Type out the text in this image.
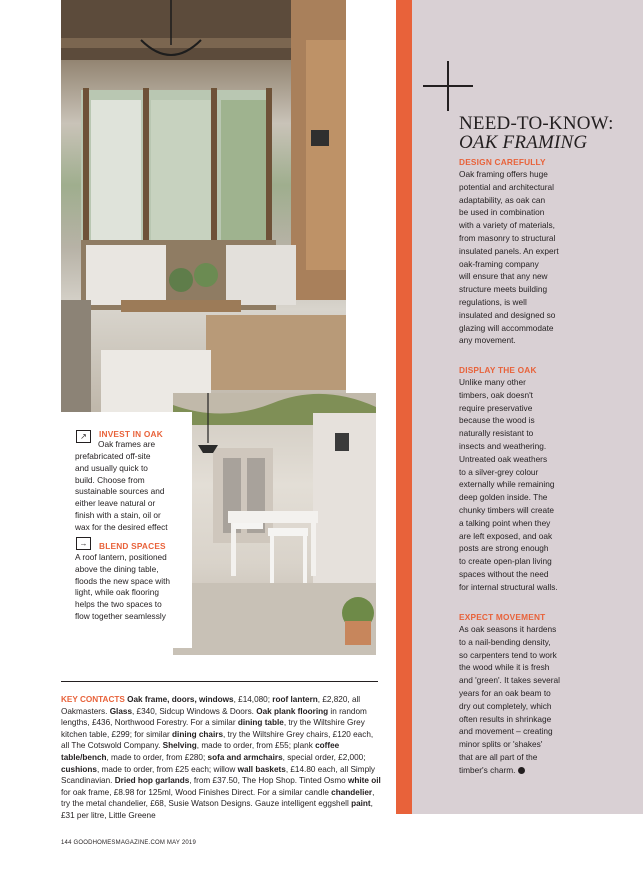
NEED-TO-KNOW:

OAK FRAMING
DESIGN CAREFULLY
Oak framing offers huge
potential and architectural
adaptability, as oak can
be used in combination
with a variety of materials,
from masonry to structural
insulated panels. An expert
oak-framing company
will ensure that any new
structure meets building
regulations, is well
insulated and designed so
glazing will accommodate
any movement.
DISPLAY THE OAK
Unlike many other
timbers, oak doesn't
require preservative
because the wood is
naturally resistant to
insects and weathering.
Untreated oak weathers
to a silver-grey colour
externally while remaining
deep golden inside. The
chunky timbers will create
a talking point when they
are left exposed, and oak
posts are strong enough
to create open-plan living
spaces without the need
for internal structural walls.
EXPECT MOVEMENT
As oak seasons it hardens
to a nail-bending density,
so carpenters tend to work
the wood while it is fresh
and 'green'. It takes several
years for an oak beam to
dry out completely, which
often results in shrinkage
and movement – creating
minor splits or 'shakes'
that are all part of the
timber's charm.
↗	INVEST IN OAK
Oak frames are
prefabricated off-site
and usually quick to
build. Choose from
sustainable sources and
either leave natural or
finish with a stain, oil or
wax for the desired effect
→	BLEND SPACES
A roof lantern, positioned
above the dining table,
floods the new space with
light, while oak flooring
helps the two spaces to
flow together seamlessly
KEY CONTACTS Oak frame, doors, windows, £14,080; roof lantern, £2,820, all Oakmasters. Glass, £340, Sidcup Windows & Doors. Oak plank flooring in random lengths, £436, Northwood Forestry. For a similar dining table, try the Wiltshire Grey kitchen table, £299; for similar dining chairs, try the Wiltshire Grey chairs, £120 each, all The Cotswold Company. Shelving, made to order, from £55; plank coffee table/bench, made to order, from £280; sofa and armchairs, special order, £2,000; cushions, made to order, from £25 each; willow wall baskets, £14.80 each, all Simply Scandinavian. Dried hop garlands, from £37.50, The Hop Shop. Tinted Osmo white oil for oak frame, £8.98 for 125ml, Wood Finishes Direct. For a similar candle chandelier, try the metal chandelier, £68, Susie Watson Designs. Gauze intelligent eggshell paint, £31 per litre, Little Greene
144 GOODHOMESMAGAZINE.COM MAY 2019
